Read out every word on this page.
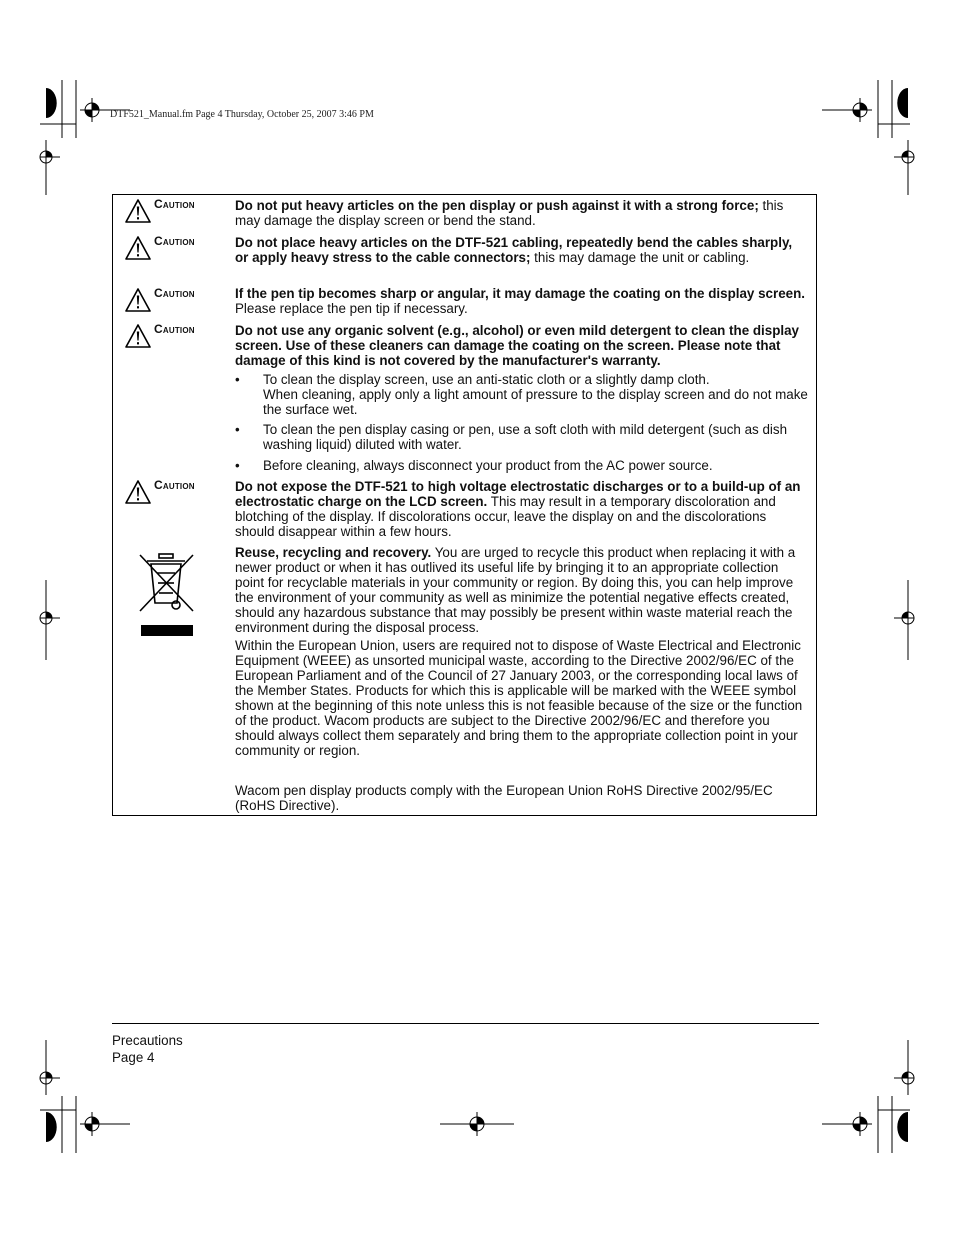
DTF521_Manual.fm Page 4 Thursday, October 25, 2007 3:46 PM
Caution	Do not put heavy articles on the pen display or push against it with a strong force; this may damage the display screen or bend the stand.
Caution	Do not place heavy articles on the DTF-521 cabling, repeatedly bend the cables sharply, or apply heavy stress to the cable connectors; this may damage the unit or cabling.
Caution	If the pen tip becomes sharp or angular, it may damage the coating on the display screen. Please replace the pen tip if necessary.
Caution	Do not use any organic solvent (e.g., alcohol) or even mild detergent to clean the display screen. Use of these cleaners can damage the coating on the screen. Please note that damage of this kind is not covered by the manufacturer's warranty.
• To clean the display screen, use an anti-static cloth or a slightly damp cloth.
When cleaning, apply only a light amount of pressure to the display screen and do not make the surface wet.
• To clean the pen display casing or pen, use a soft cloth with mild detergent (such as dish washing liquid) diluted with water.
• Before cleaning, always disconnect your product from the AC power source.
Caution	Do not expose the DTF-521 to high voltage electrostatic discharges or to a build-up of an electrostatic charge on the LCD screen. This may result in a temporary discoloration and blotching of the display. If discolorations occur, leave the display on and the discolorations should disappear within a few hours.
Reuse, recycling and recovery. You are urged to recycle this product when replacing it with a newer product or when it has outlived its useful life by bringing it to an appropriate collection point for recyclable materials in your community or region. By doing this, you can help improve the environment of your community as well as minimize the potential negative effects created, should any hazardous substance that may possibly be present within waste material reach the environment during the disposal process.
Within the European Union, users are required not to dispose of Waste Electrical and Electronic Equipment (WEEE) as unsorted municipal waste, according to the Directive 2002/96/EC of the European Parliament and of the Council of 27 January 2003, or the corresponding local laws of the Member States. Products for which this is applicable will be marked with the WEEE symbol shown at the beginning of this note unless this is not feasible because of the size or the function of the product. Wacom products are subject to the Directive 2002/96/EC and therefore you should always collect them separately and bring them to the appropriate collection point in your community or region.
Wacom pen display products comply with the European Union RoHS Directive 2002/95/EC (RoHS Directive).
Precautions
Page 4
